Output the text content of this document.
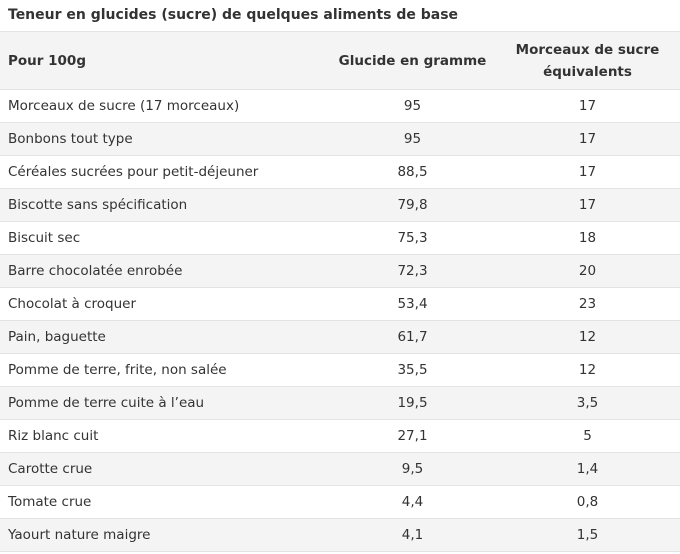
Teneur en glucides (sucre) de quelques aliments de base
Pour 100g	Glucide en gramme	Morceaux de sucre équivalents
Morceaux de sucre (17 morceaux)	95	17
Bonbons tout type	95	17
Céréales sucrées pour petit-déjeuner	88,5	17
Biscotte sans spécification	79,8	17
Biscuit sec	75,3	18
Barre chocolatée enrobée	72,3	20
Chocolat à croquer	53,4	23
Pain, baguette	61,7	12
Pomme de terre, frite, non salée	35,5	12
Pomme de terre cuite à l’eau	19,5	3,5
Riz blanc cuit	27,1	5
Carotte crue	9,5	1,4
Tomate crue	4,4	0,8
Yaourt nature maigre	4,1	1,5
